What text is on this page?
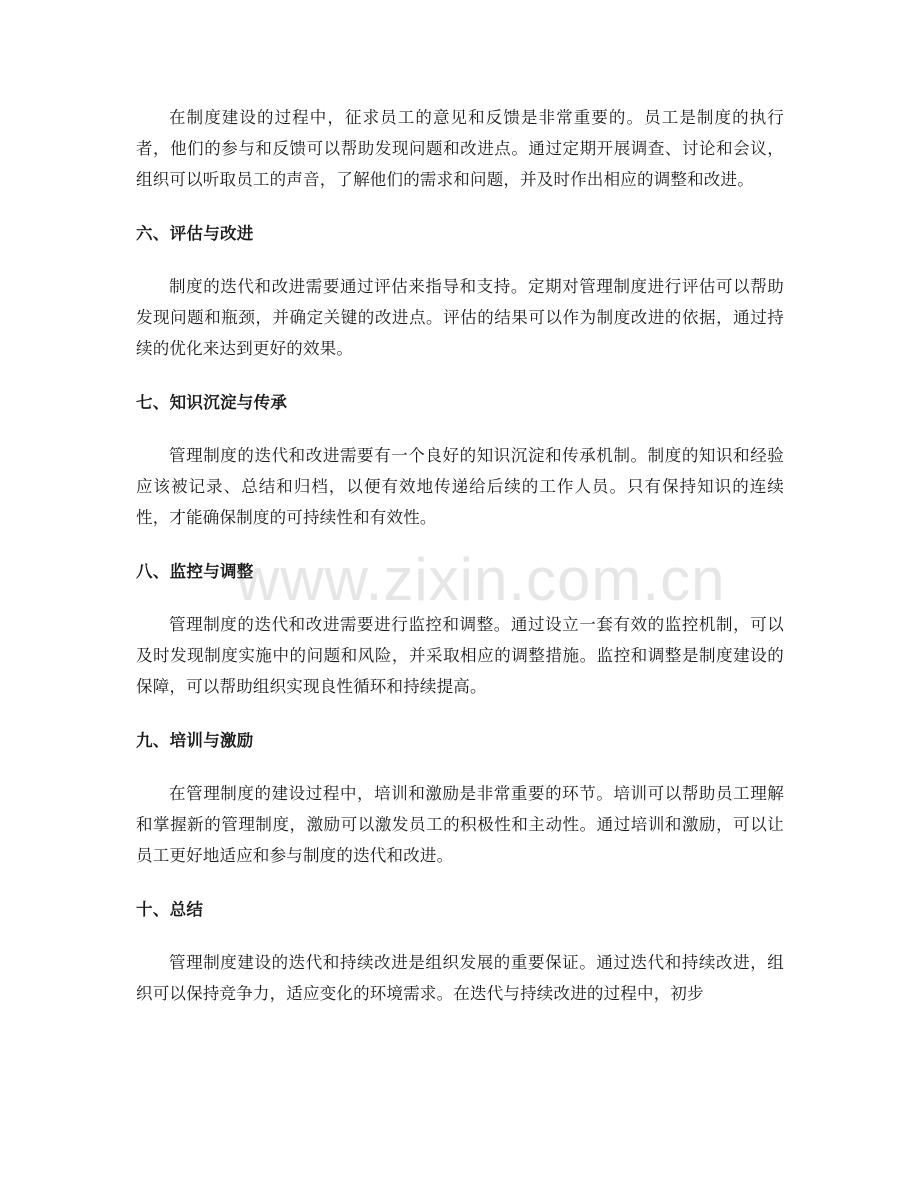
www.zixin.com.cn

在制度建设的过程中，征求员工的意见和反馈是非常重要的。员工是制度的执行者，他们的参与和反馈可以帮助发现问题和改进点。通过定期开展调查、讨论和会议，组织可以听取员工的声音，了解他们的需求和问题，并及时作出相应的调整和改进。

六、评估与改进

制度的迭代和改进需要通过评估来指导和支持。定期对管理制度进行评估可以帮助发现问题和瓶颈，并确定关键的改进点。评估的结果可以作为制度改进的依据，通过持续的优化来达到更好的效果。

七、知识沉淀与传承

管理制度的迭代和改进需要有一个良好的知识沉淀和传承机制。制度的知识和经验应该被记录、总结和归档，以便有效地传递给后续的工作人员。只有保持知识的连续性，才能确保制度的可持续性和有效性。

八、监控与调整

管理制度的迭代和改进需要进行监控和调整。通过设立一套有效的监控机制，可以及时发现制度实施中的问题和风险，并采取相应的调整措施。监控和调整是制度建设的保障，可以帮助组织实现良性循环和持续提高。

九、培训与激励

在管理制度的建设过程中，培训和激励是非常重要的环节。培训可以帮助员工理解和掌握新的管理制度，激励可以激发员工的积极性和主动性。通过培训和激励，可以让员工更好地适应和参与制度的迭代和改进。

十、总结

管理制度建设的迭代和持续改进是组织发展的重要保证。通过迭代和持续改进，组织可以保持竞争力，适应变化的环境需求。在迭代与持续改进的过程中，初步
